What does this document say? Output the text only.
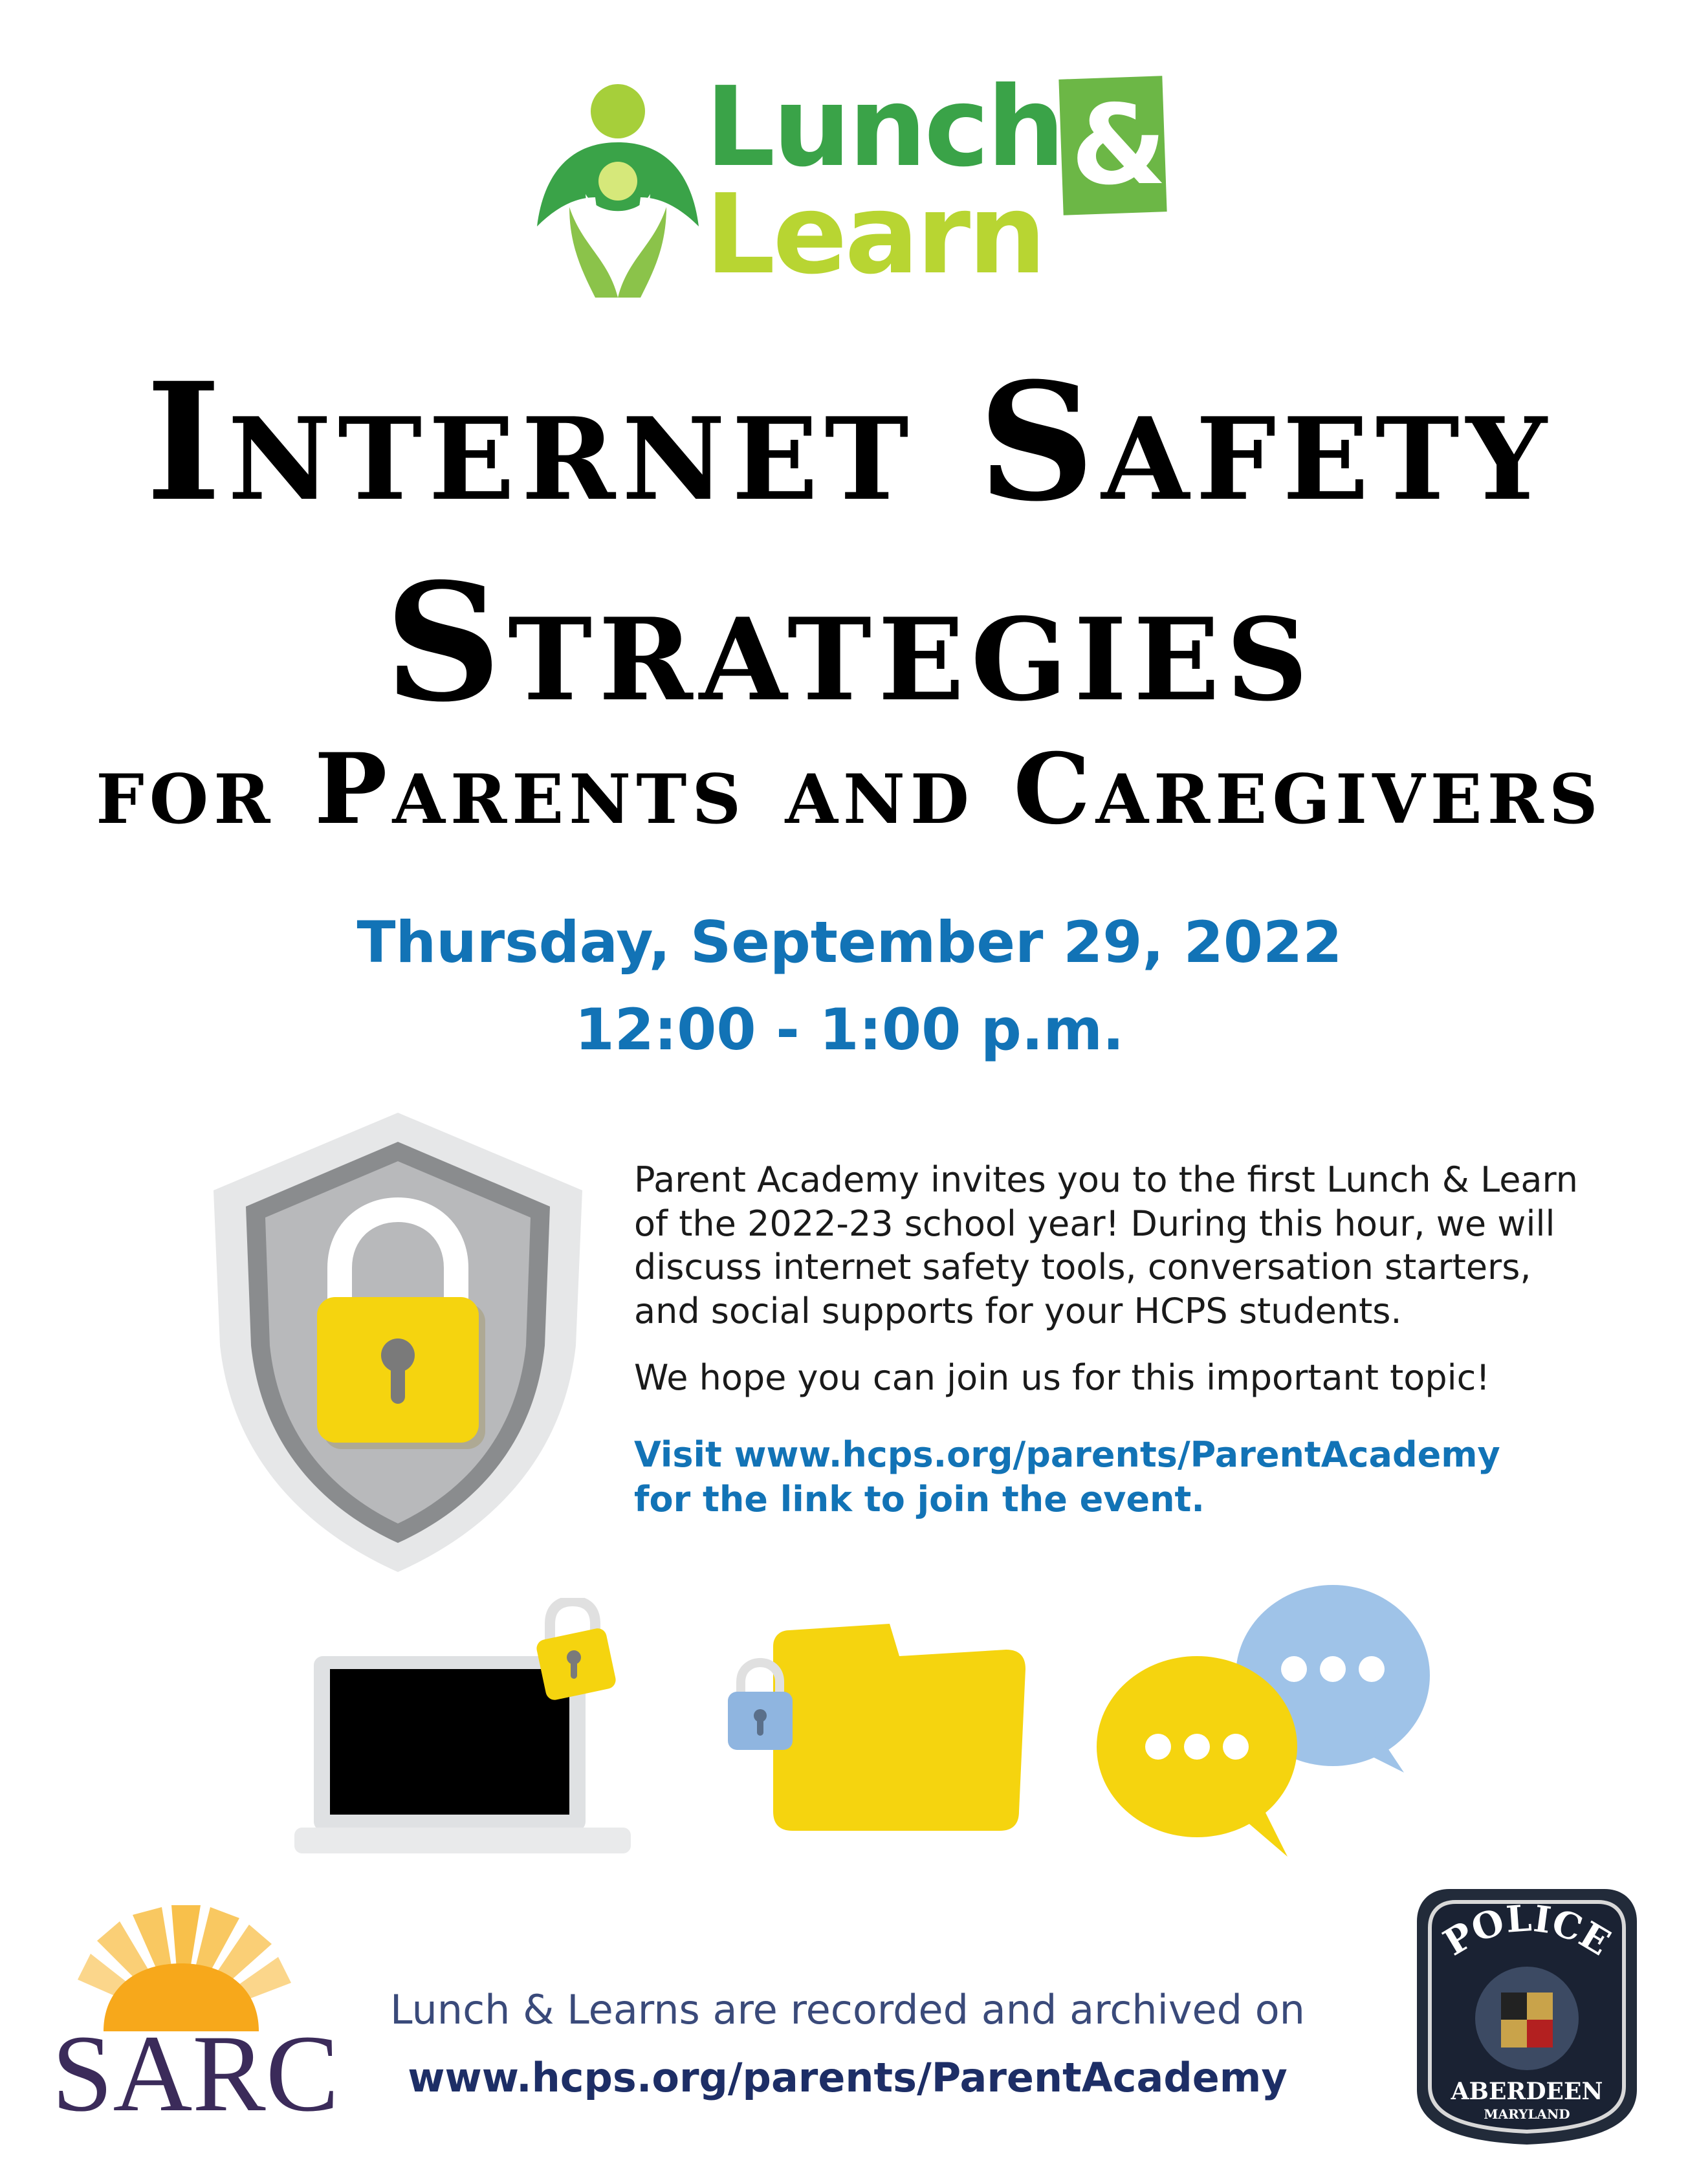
&
Lunch
Learn
Internet Safety
Strategies
for Parents and Caregivers
Thursday, September 29, 2022
12:00 - 1:00 p.m.

Parent Academy invites you to the first Lunch & Learn of the 2022-23 school year! During this hour, we will discuss internet safety tools, conversation starters, and social supports for your HCPS students.

We hope you can join us for this important topic!

Visit www.hcps.org/parents/ParentAcademy
for the link to join the event.
SARC
POLICE
ABERDEEN
MARYLAND
Lunch & Learns are recorded and archived on
www.hcps.org/parents/ParentAcademy
